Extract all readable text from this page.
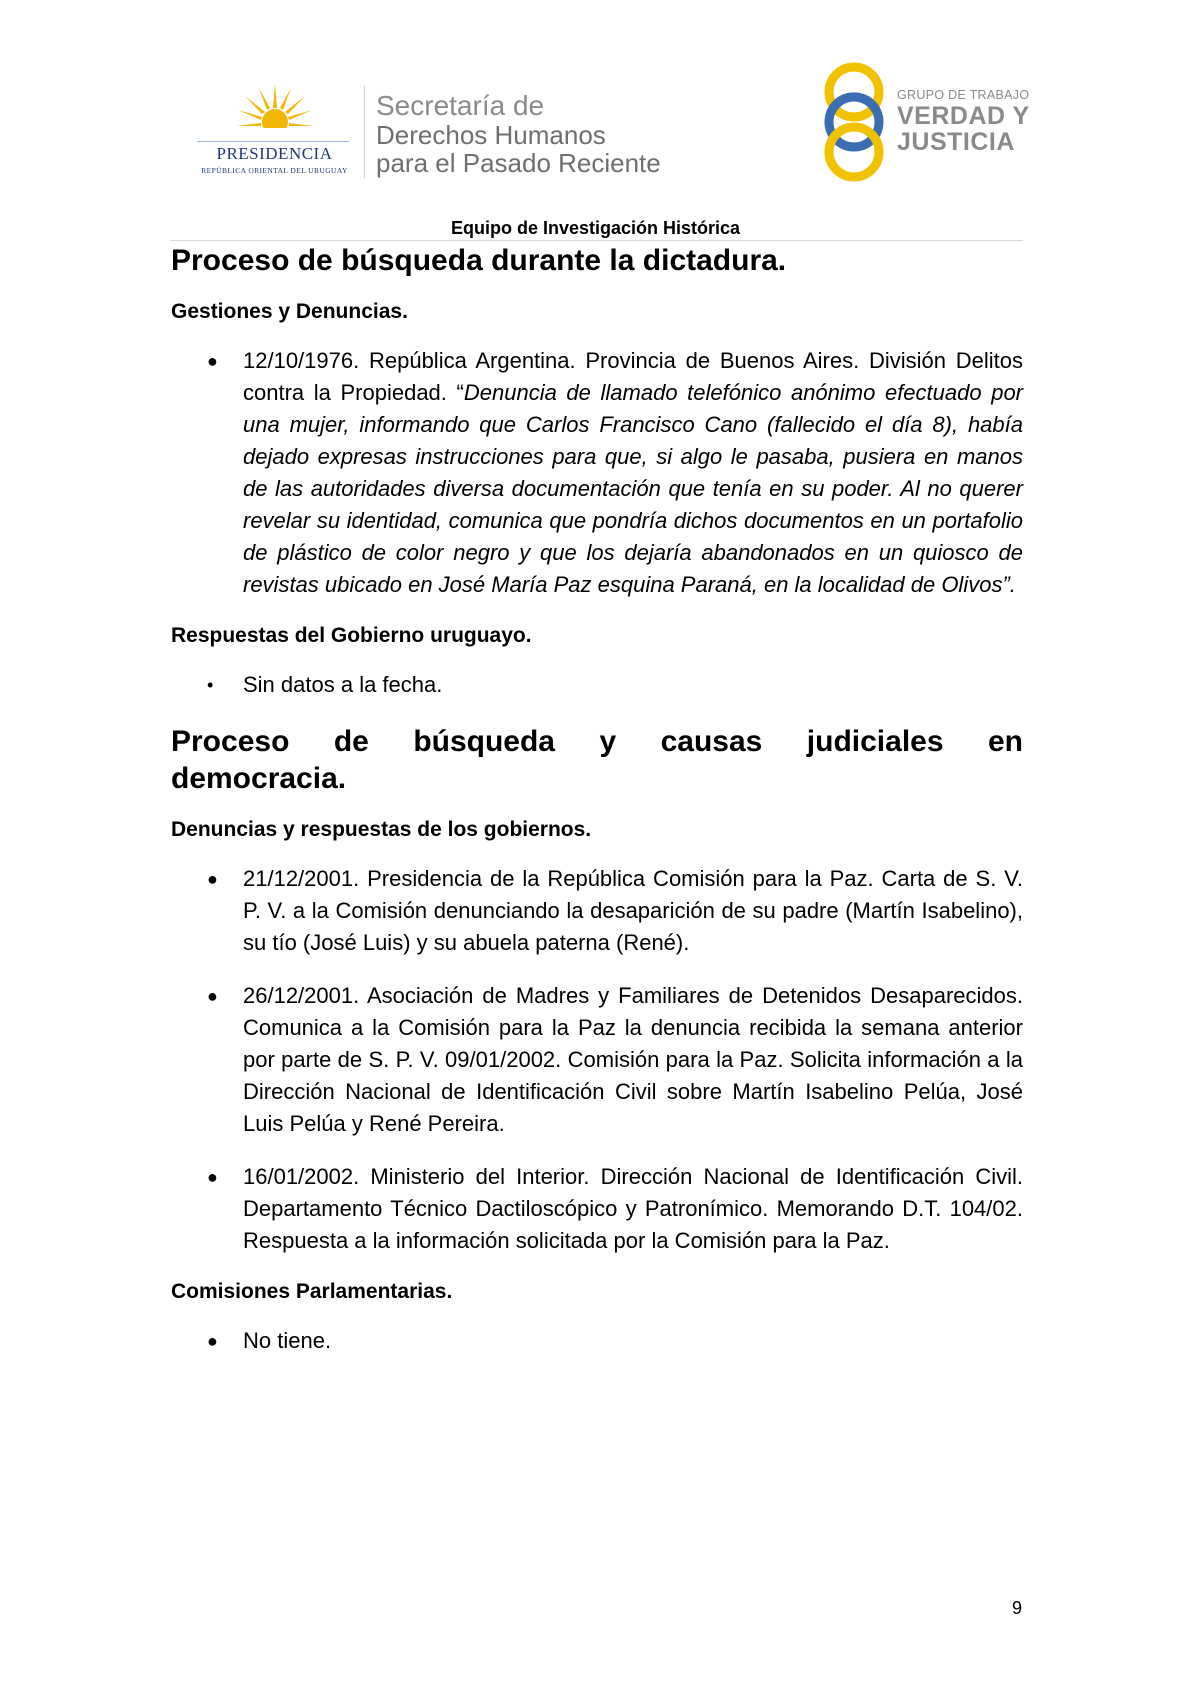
PRESIDENCIA
REPÚBLICA ORIENTAL DEL URUGUAY
Secretaría de
Derechos Humanos
para el Pasado Reciente
GRUPO DE TRABAJO
VERDAD Y
JUSTICIA
Equipo de Investigación Histórica
Proceso de búsqueda durante la dictadura.
Gestiones y Denuncias.
● 12/10/1976. República Argentina. Provincia de Buenos Aires. División Delitos contra la Propiedad. “Denuncia de llamado telefónico anónimo efectuado por una mujer, informando que Carlos Francisco Cano (fallecido el día 8), había dejado expresas instrucciones para que, si algo le pasaba, pusiera en manos de las autoridades diversa documentación que tenía en su poder. Al no querer revelar su identidad, comunica que pondría dichos documentos en un portafolio de plástico de color negro y que los dejaría abandonados en un quiosco de revistas ubicado en José María Paz esquina Paraná, en la localidad de Olivos”.
Respuestas del Gobierno uruguayo.
• Sin datos a la fecha.
Proceso de búsqueda y causas judiciales en
democracia.
Denuncias y respuestas de los gobiernos.
● 21/12/2001. Presidencia de la República Comisión para la Paz. Carta de S. V. P. V. a la Comisión denunciando la desaparición de su padre (Martín Isabelino), su tío (José Luis) y su abuela paterna (René).
● 26/12/2001. Asociación de Madres y Familiares de Detenidos Desaparecidos. Comunica a la Comisión para la Paz la denuncia recibida la semana anterior por parte de S. P. V. 09/01/2002. Comisión para la Paz. Solicita información a la Dirección Nacional de Identificación Civil sobre Martín Isabelino Pelúa, José Luis Pelúa y René Pereira.
● 16/01/2002. Ministerio del Interior. Dirección Nacional de Identificación Civil. Departamento Técnico Dactiloscópico y Patronímico. Memorando D.T. 104/02. Respuesta a la información solicitada por la Comisión para la Paz.
Comisiones Parlamentarias.
● No tiene.
9
